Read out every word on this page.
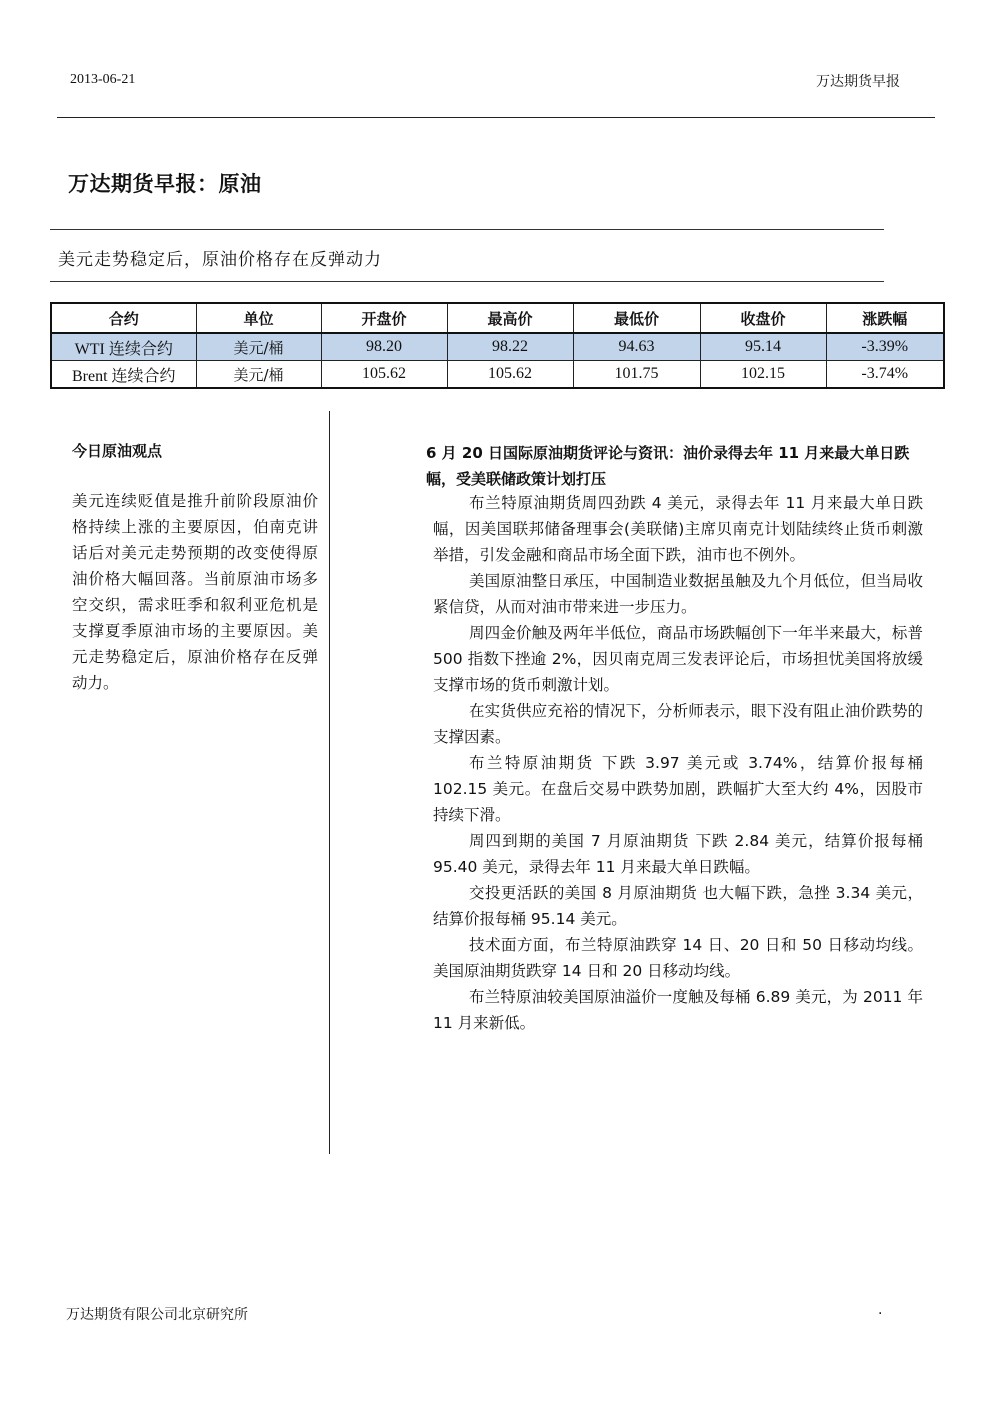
2013-06-21	万达期货早报
万达期货早报：原油
美元走势稳定后，原油价格存在反弹动力
合约	单位	开盘价	最高价	最低价	收盘价	涨跌幅
WTI 连续合约	美元/桶	98.20	98.22	94.63	95.14	-3.39%
Brent 连续合约	美元/桶	105.62	105.62	101.75	102.15	-3.74%
今日原油观点
美元连续贬值是推升前阶段原油价格持续上涨的主要原因，伯南克讲话后对美元走势预期的改变使得原油价格大幅回落。当前原油市场多空交织，需求旺季和叙利亚危机是支撑夏季原油市场的主要原因。美元走势稳定后，原油价格存在反弹动力。
6 月 20 日国际原油期货评论与资讯：油价录得去年 11 月来最大单日跌幅，受美联储政策计划打压

布兰特原油期货周四劲跌 4 美元，录得去年 11 月来最大单日跌幅，因美国联邦储备理事会(美联储)主席贝南克计划陆续终止货币刺激举措，引发金融和商品市场全面下跌，油市也不例外。

美国原油整日承压，中国制造业数据虽触及九个月低位，但当局收紧信贷，从而对油市带来进一步压力。

周四金价触及两年半低位，商品市场跌幅创下一年半来最大，标普 500 指数下挫逾 2%，因贝南克周三发表评论后，市场担忧美国将放缓支撑市场的货币刺激计划。

在实货供应充裕的情况下，分析师表示，眼下没有阻止油价跌势的支撑因素。

布兰特原油期货 下跌 3.97 美元或 3.74%，结算价报每桶 102.15 美元。在盘后交易中跌势加剧，跌幅扩大至大约 4%，因股市持续下滑。

周四到期的美国 7 月原油期货 下跌 2.84 美元，结算价报每桶 95.40 美元，录得去年 11 月来最大单日跌幅。

交投更活跃的美国 8 月原油期货 也大幅下跌，急挫 3.34 美元，结算价报每桶 95.14 美元。

技术面方面，布兰特原油跌穿 14 日、20 日和 50 日移动均线。美国原油期货跌穿 14 日和 20 日移动均线。

布兰特原油较美国原油溢价一度触及每桶 6.89 美元，为 2011 年 11 月来新低。

万达期货有限公司北京研究所	.
